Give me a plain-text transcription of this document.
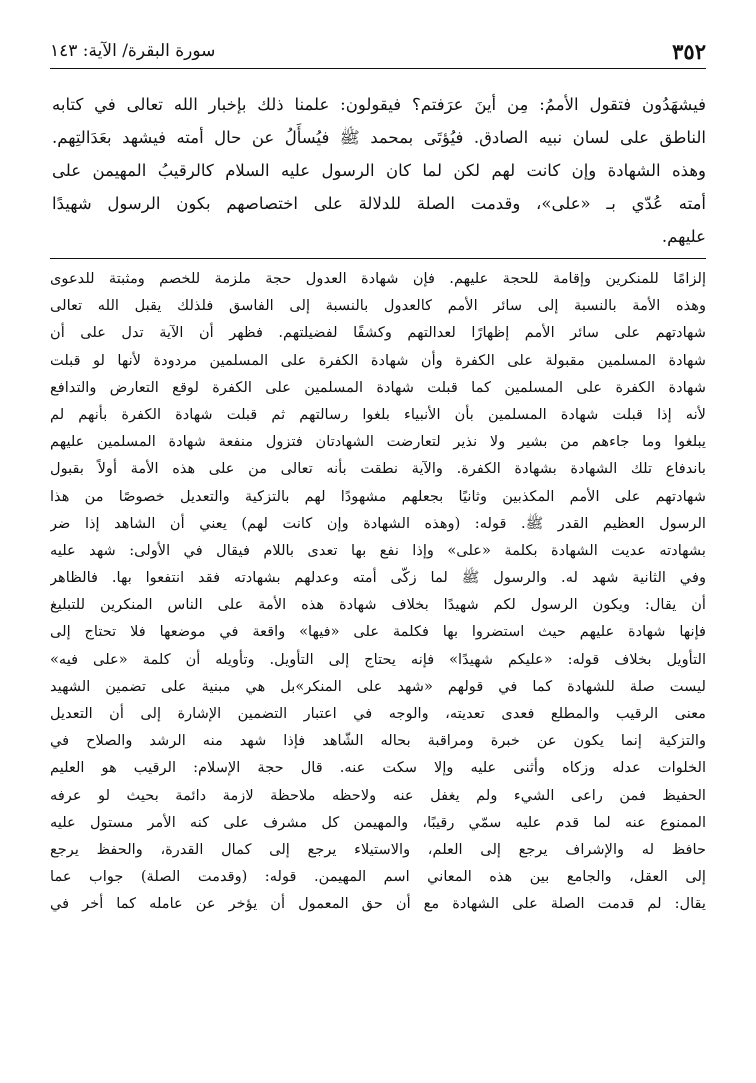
٣٥٢
سورة البقرة/ الآية: ١٤٣
فيشهَدُون فتقول الأممُ: مِن أينَ عرَفتم؟ فيقولون: علمنا ذلك بإخبار الله تعالى في كتابه
الناطق على لسان نبيه الصادق. فيُؤتَى بمحمد ﷺ فيُسأَلُ عن حال أمته فيشهد بعَدَالتِهم.
وهذه الشهادة وإن كانت لهم لكن لما كان الرسول عليه السلام كالرقيبُ المهيمن على
أمته عُدّي بـ «على»، وقدمت الصلة للدلالة على اختصاصهم بكون الرسول شهيدًا
عليهم.
إلزامًا للمنكرين وإقامة للحجة عليهم. فإن شهادة العدول حجة ملزمة للخصم ومثبتة للدعوى
وهذه الأمة بالنسبة إلى سائر الأمم كالعدول بالنسبة إلى الفاسق فلذلك يقبل الله تعالى
شهادتهم على سائر الأمم إظهارًا لعدالتهم وكشفًا لفضيلتهم. فظهر أن الآية تدل على أن
شهادة المسلمين مقبولة على الكفرة وأن شهادة الكفرة على المسلمين مردودة لأنها لو قبلت
شهادة الكفرة على المسلمين كما قبلت شهادة المسلمين على الكفرة لوقع التعارض والتدافع
لأنه إذا قبلت شهادة المسلمين بأن الأنبياء بلغوا رسالتهم ثم قبلت شهادة الكفرة بأنهم لم
يبلغوا وما جاءهم من بشير ولا نذير لتعارضت الشهادتان فتزول منفعة شهادة المسلمين عليهم
باندفاع تلك الشهادة بشهادة الكفرة. والآية نطقت بأنه تعالى من على هذه الأمة أولاً بقبول
شهادتهم على الأمم المكذبين وثانيًا بجعلهم مشهودًا لهم بالتزكية والتعديل خصوصًا من هذا
الرسول العظيم القدر ﷺ. قوله: (وهذه الشهادة وإن كانت لهم) يعني أن الشاهد إذا ضر
بشهادته عديت الشهادة بكلمة «على» وإذا نفع بها تعدى باللام فيقال في الأولى: شهد عليه
وفي الثانية شهد له. والرسول ﷺ لما زكّى أمته وعدلهم بشهادته فقد انتفعوا بها. فالظاهر
أن يقال: ويكون الرسول لكم شهيدًا بخلاف شهادة هذه الأمة على الناس المنكرين للتبليغ
فإنها شهادة عليهم حيث استضروا بها فكلمة على «فيها» واقعة في موضعها فلا تحتاج إلى
التأويل بخلاف قوله: «عليكم شهيدًا» فإنه يحتاج إلى التأويل. وتأويله أن كلمة «على فيه»
ليست صلة للشهادة كما في قولهم «شهد على المنكر»بل هي مبنية على تضمين الشهيد
معنى الرقيب والمطلع فعدى تعديته، والوجه في اعتبار التضمين الإشارة إلى أن التعديل
والتزكية إنما يكون عن خبرة ومراقبة بحاله الشّاهد فإذا شهد منه الرشد والصلاح في
الخلوات عدله وزكاه وأثنى عليه وإلا سكت عنه. قال حجة الإسلام: الرقيب هو العليم
الحفيظ فمن راعى الشيء ولم يغفل عنه ولاحظه ملاحظة لازمة دائمة بحيث لو عرفه
الممنوع عنه لما قدم عليه سمّي رقيبًا، والمهيمن كل مشرف على كنه الأمر مستول عليه
حافظ له والإشراف يرجع إلى العلم، والاستيلاء يرجع إلى كمال القدرة، والحفظ يرجع
إلى العقل، والجامع بين هذه المعاني اسم المهيمن. قوله: (وقدمت الصلة) جواب عما
يقال: لم قدمت الصلة على الشهادة مع أن حق المعمول أن يؤخر عن عامله كما أخر في
